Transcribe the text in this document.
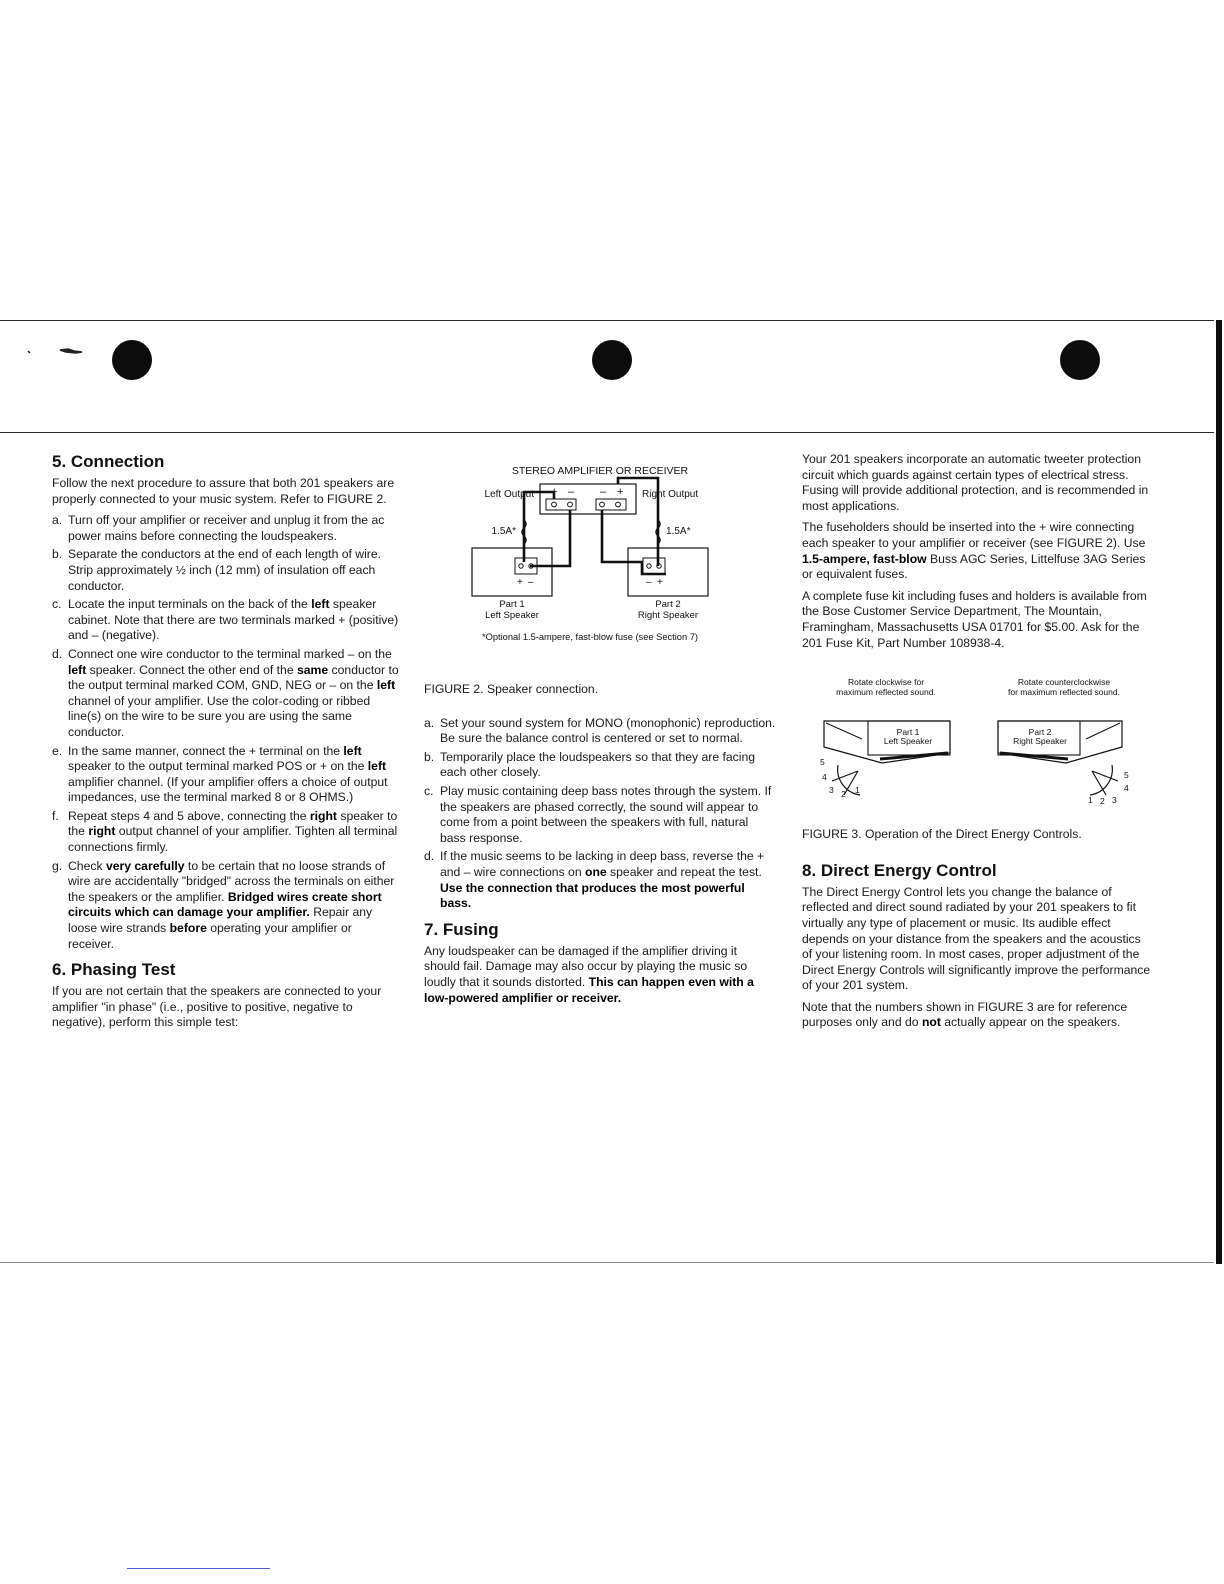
5. Connection

Follow the next procedure to assure that both 201 speakers are properly connected to your music system. Refer to FIGURE 2.

a. Turn off your amplifier or receiver and unplug it from the ac power mains before connecting the loudspeakers.
b. Separate the conductors at the end of each length of wire. Strip approximately ½ inch (12 mm) of insulation off each conductor.
c. Locate the input terminals on the back of the left speaker cabinet. Note that there are two terminals marked + (positive) and – (negative).
d. Connect one wire conductor to the terminal marked – on the left speaker. Connect the other end of the same conductor to the output terminal marked COM, GND, NEG or – on the left channel of your amplifier. Use the color-coding or ribbed line(s) on the wire to be sure you are using the same conductor.
e. In the same manner, connect the + terminal on the left speaker to the output terminal marked POS or + on the left amplifier channel. (If your amplifier offers a choice of output impedances, use the terminal marked 8 or 8 OHMS.)
f. Repeat steps 4 and 5 above, connecting the right speaker to the right output channel of your amplifier. Tighten all terminal connections firmly.
g. Check very carefully to be certain that no loose strands of wire are accidentally "bridged" across the terminals on either the speakers or the amplifier. Bridged wires create short circuits which can damage your amplifier. Repair any loose wire strands before operating your amplifier or receiver.
6. Phasing Test

If you are not certain that the speakers are connected to your amplifier "in phase" (i.e., positive to positive, negative to negative), perform this simple test:

STEREO AMPLIFIER OR RECEIVER
Left Output	Right Output
+ – – +
1.5A*	1.5A*
+ –	– +
Part 1
Left Speaker
Part 2
Right Speaker
*Optional 1.5-ampere, fast-blow fuse (see Section 7)

FIGURE 2. Speaker connection.

a. Set your sound system for MONO (monophonic) reproduction. Be sure the balance control is centered or set to normal.
b. Temporarily place the loudspeakers so that they are facing each other closely.
c. Play music containing deep bass notes through the system. If the speakers are phased correctly, the sound will appear to come from a point between the speakers with full, natural bass response.
d. If the music seems to be lacking in deep bass, reverse the + and – wire connections on one speaker and repeat the test. Use the connection that produces the most powerful bass.
7. Fusing

Any loudspeaker can be damaged if the amplifier driving it should fail. Damage may also occur by playing the music so loudly that it sounds distorted. This can happen even with a low-powered amplifier or receiver.

Your 201 speakers incorporate an automatic tweeter protection circuit which guards against certain types of electrical stress. Fusing will provide additional protection, and is recommended in most applications.

The fuseholders should be inserted into the + wire connecting each speaker to your amplifier or receiver (see FIGURE 2). Use 1.5-ampere, fast-blow Buss AGC Series, Littelfuse 3AG Series or equivalent fuses.

A complete fuse kit including fuses and holders is available from the Bose Customer Service Department, The Mountain, Framingham, Massachusetts USA 01701 for $5.00. Ask for the 201 Fuse Kit, Part Number 108938-4.

Rotate clockwise for
maximum reflected sound.
Rotate counterclockwise
for maximum reflected sound.
Part 1
Left Speaker
5
4
3 2 1
Part 2
Right Speaker
5
4
3
2
1

FIGURE 3. Operation of the Direct Energy Controls.

8. Direct Energy Control

The Direct Energy Control lets you change the balance of reflected and direct sound radiated by your 201 speakers to fit virtually any type of placement or music. Its audible effect depends on your distance from the speakers and the acoustics of your listening room. In most cases, proper adjustment of the Direct Energy Controls will significantly improve the performance of your 201 system.

Note that the numbers shown in FIGURE 3 are for reference purposes only and do not actually appear on the speakers.
